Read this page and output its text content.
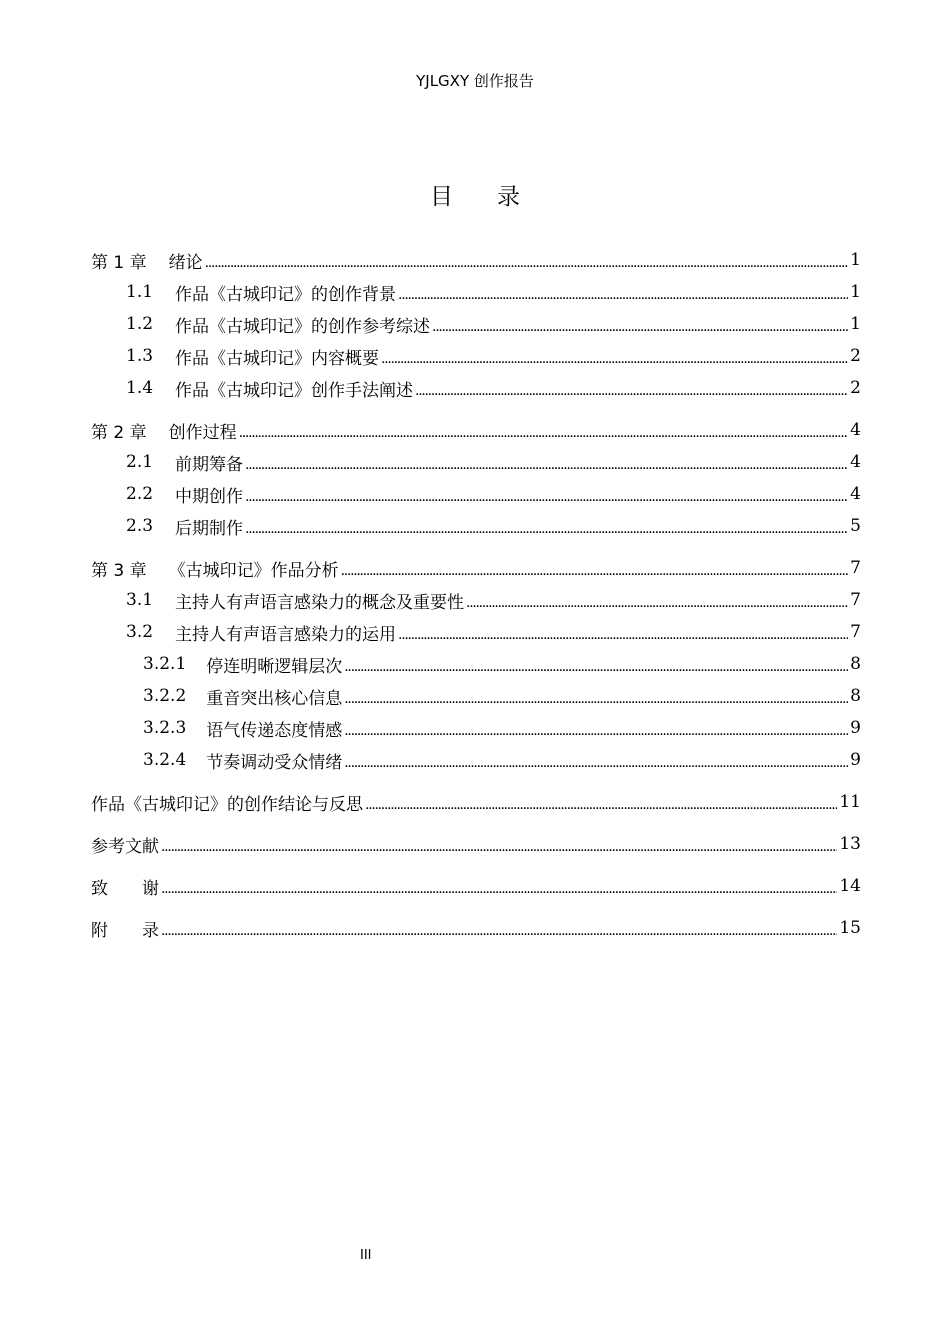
YJLGXY 创作报告
目录
第 1 章 绪论 .....	1
1.1 作品《古城印记》的创作背景 .....	1
1.2 作品《古城印记》的创作参考综述 .....	1
1.3 作品《古城印记》内容概要 .....	2
1.4 作品《古城印记》创作手法阐述 .....	2
第 2 章 创作过程 .....	4
2.1 前期筹备 .....	4
2.2 中期创作 .....	4
2.3 后期制作 .....	5
第 3 章 《古城印记》作品分析 .....	7
3.1 主持人有声语言感染力的概念及重要性 .....	7
3.2 主持人有声语言感染力的运用 .....	7
3.2.1 停连明晰逻辑层次 .....	8
3.2.2 重音突出核心信息 .....	8
3.2.3 语气传递态度情感 .....	9
3.2.4 节奏调动受众情绪 .....	9
作品《古城印记》的创作结论与反思 .....	11
参考文献 .....	13
致　　谢 .....	14
附　　录 .....	15
III
